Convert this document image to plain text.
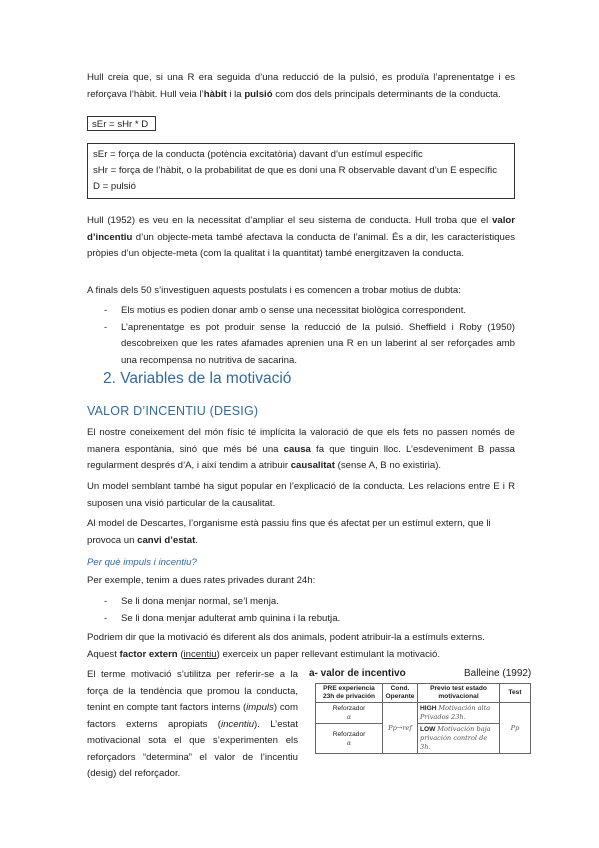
Hull creia que, si una R era seguida d’una reducció de la pulsió, es produïa l’aprenentatge i es reforçava l’hàbit. Hull veia l’hàbit i la pulsió com dos dels principals determinants de la conducta.

sEr = sHr * D
sEr = força de la conducta (potència excitatòria) davant d’un estímul específic
sHr = força de l’hàbit, o la probabilitat de que es doni una R observable davant d’un E específic
D = pulsió

Hull (1952) es veu en la necessitat d’ampliar el seu sistema de conducta. Hull troba que el valor d’incentiu d’un objecte-meta també afectava la conducta de l’animal. És a dir, les característiques pròpies d’un objecte-meta (com la qualitat i la quantitat) també energitzaven la conducta.

A finals dels 50 s’investiguen aquests postulats i es comencen a trobar motius de dubta:

- Els motius es podien donar amb o sense una necessitat biològica correspondent.
- L’aprenentatge es pot produir sense la reducció de la pulsió. Sheffield i Roby (1950) descobreixen que les rates afamades aprenien una R en un laberint al ser reforçades amb una recompensa no nutritiva de sacarina.
2. Variables de la motivació
VALOR D’INCENTIU (DESIG)

El nostre coneixement del món físic té implícita la valoració de que els fets no passen només de manera espontània, sinó que més bé una causa fa que tinguin lloc. L’esdeveniment B passa regularment després d’A, i així tendim a atribuir causalitat (sense A, B no existiria).

Un model semblant també ha sigut popular en l’explicació de la conducta. Les relacions entre E i R suposen una visió particular de la causalitat.

Al model de Descartes, l’organisme està passiu fins que és afectat per un estímul extern, que li provoca un canvi d’estat.

Per què impuls i incentiu?

Per exemple, tenim a dues rates privades durant 24h:

- Se li dona menjar normal, se’l menja.
- Se li dona menjar adulterat amb quinina i la rebutja.

Podriem dir que la motivació és diferent als dos animals, podent atribuir-la a estímuls externs. Aquest factor extern (incentiu) exerceix un paper rellevant estimulant la motivació.

El terme motivació s’utilitza per referir-se a la força de la tendència que promou la conducta, tenint en compte tant factors interns (impuls) com factors externs apropiats (incentiu). L’estat motivacional sota el que s’experimenten els reforçadors “determina” el valor de l’incentiu (desig) del reforçador.

a- valor de incentivo	Balleine (1992)
PRE experiencia 23h de privación	Cond. Operante	Previo test estado motivacional	Test

Reforzador
α	Pp→ref	HIGH Motivación alta Privados 23h.	Pp

Reforzador
α		LOW Motivación baja privación control de 3h.	
